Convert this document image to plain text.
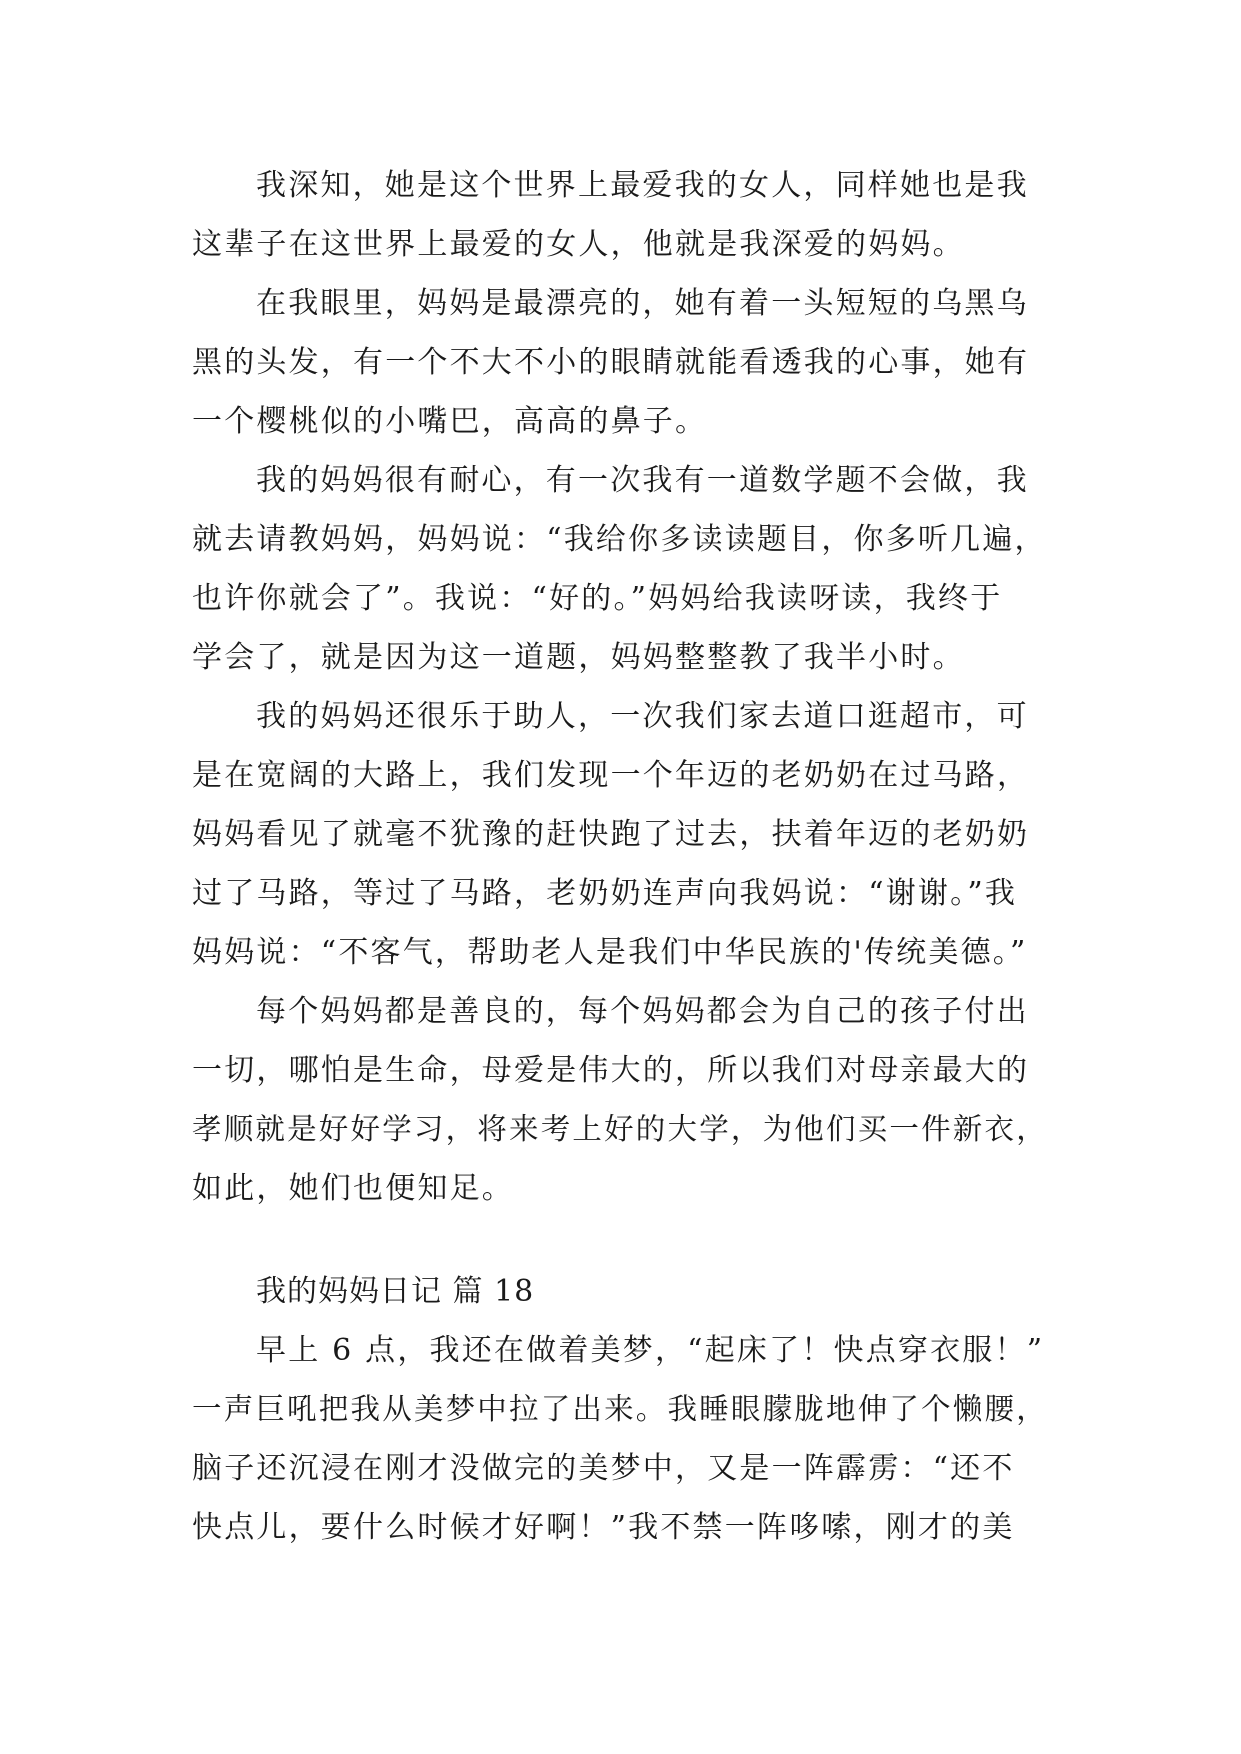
我深知，她是这个世界上最爱我的女人，同样她也是我
这辈子在这世界上最爱的女人，他就是我深爱的妈妈。
在我眼里，妈妈是最漂亮的，她有着一头短短的乌黑乌
黑的头发，有一个不大不小的眼睛就能看透我的心事，她有
一个樱桃似的小嘴巴，高高的鼻子。
我的妈妈很有耐心，有一次我有一道数学题不会做，我
就去请教妈妈，妈妈说：“我给你多读读题目，你多听几遍，
也许你就会了”。我说：“好的。”妈妈给我读呀读，我终于
学会了，就是因为这一道题，妈妈整整教了我半小时。
我的妈妈还很乐于助人，一次我们家去道口逛超市，可
是在宽阔的大路上，我们发现一个年迈的老奶奶在过马路，
妈妈看见了就毫不犹豫的赶快跑了过去，扶着年迈的老奶奶
过了马路，等过了马路，老奶奶连声向我妈说：“谢谢。”我
妈妈说：“不客气，帮助老人是我们中华民族的'传统美德。”
每个妈妈都是善良的，每个妈妈都会为自己的孩子付出
一切，哪怕是生命，母爱是伟大的，所以我们对母亲最大的
孝顺就是好好学习，将来考上好的大学，为他们买一件新衣，
如此，她们也便知足。
我的妈妈日记 篇 18
早上 6 点，我还在做着美梦，“起床了！快点穿衣服！”
一声巨吼把我从美梦中拉了出来。我睡眼朦胧地伸了个懒腰，
脑子还沉浸在刚才没做完的美梦中，又是一阵霹雳：“还不
快点儿，要什么时候才好啊！”我不禁一阵哆嗦，刚才的美
